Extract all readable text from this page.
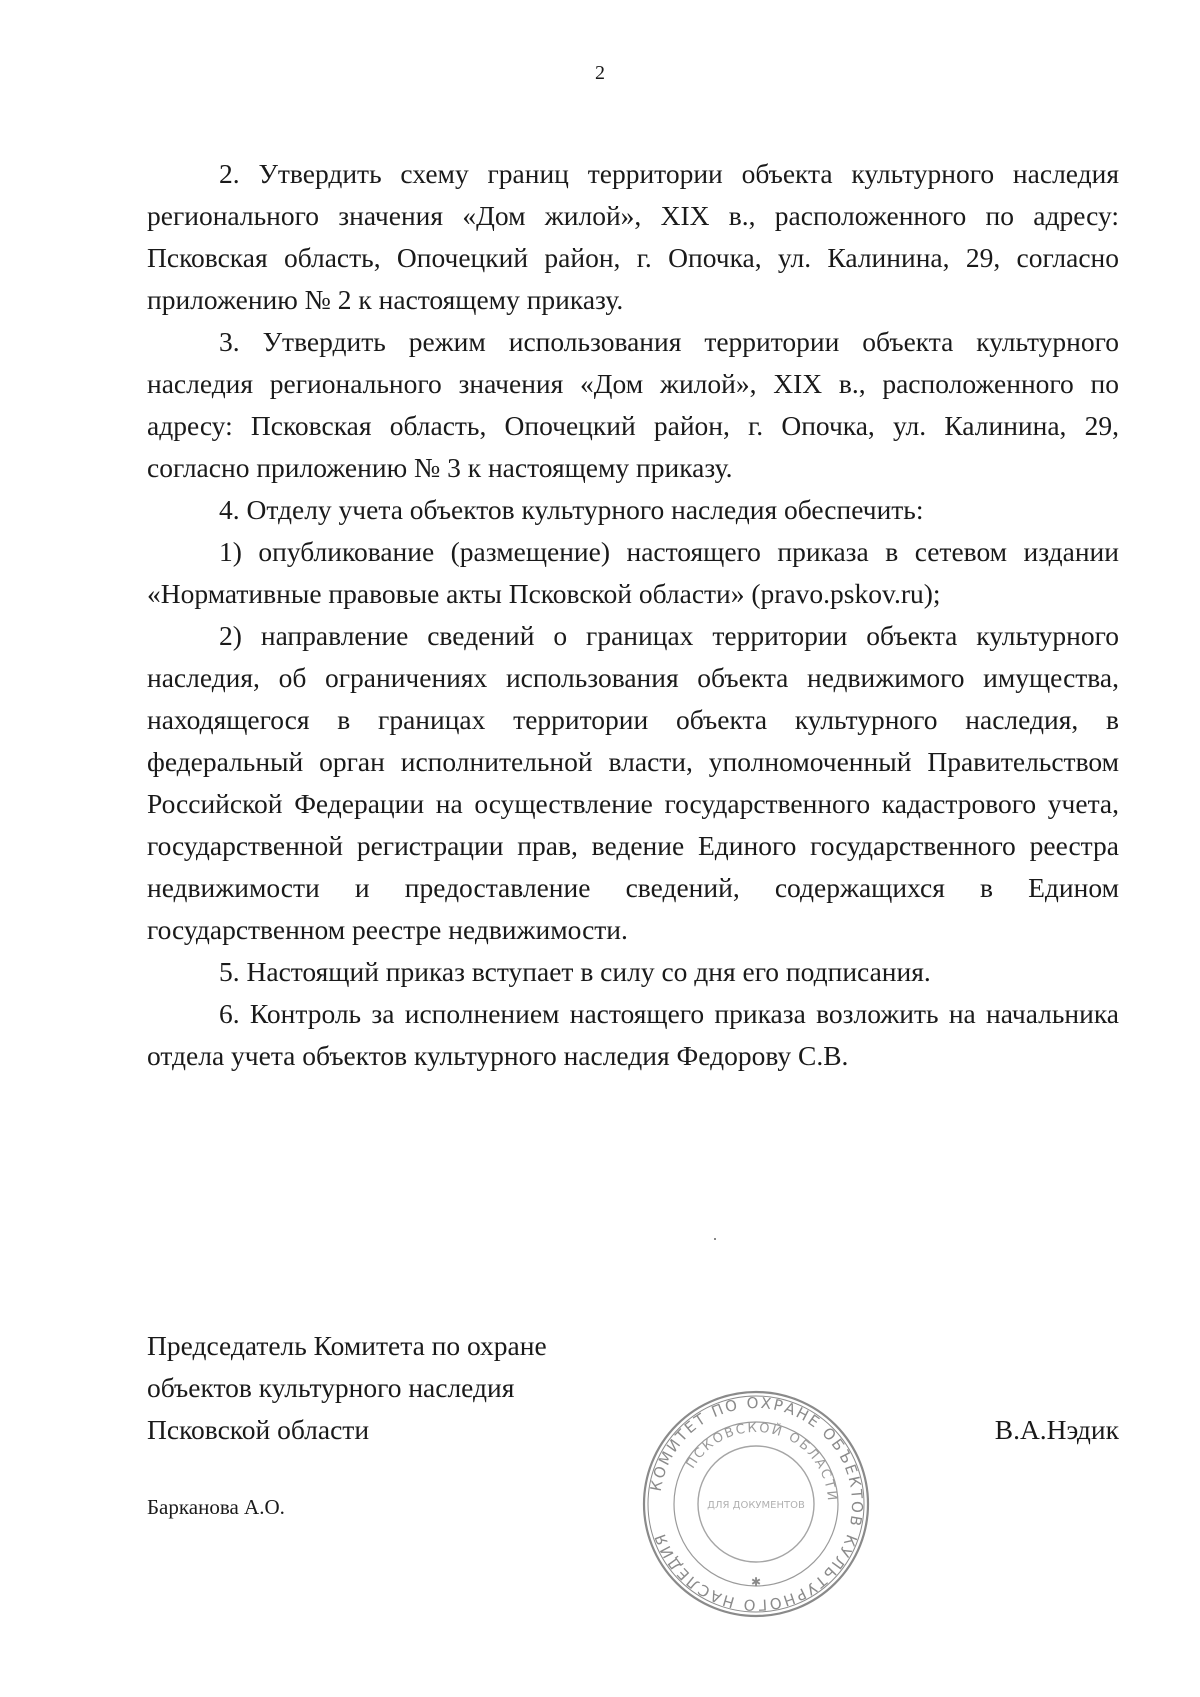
2

2. Утвердить схему границ территории объекта культурного наследия регионального значения «Дом жилой», XIX в., расположенного по адресу: Псковская область, Опочецкий район, г. Опочка, ул. Калинина, 29, согласно приложению № 2 к настоящему приказу.

3. Утвердить режим использования территории объекта культурного наследия регионального значения «Дом жилой», XIX в., расположенного по адресу: Псковская область, Опочецкий район, г. Опочка, ул. Калинина, 29, согласно приложению № 3 к настоящему приказу.

4. Отделу учета объектов культурного наследия обеспечить:

1) опубликование (размещение) настоящего приказа в сетевом издании «Нормативные правовые акты Псковской области» (pravo.pskov.ru);

2) направление сведений о границах территории объекта культурного наследия, об ограничениях использования объекта недвижимого имущества, находящегося в границах территории объекта культурного наследия, в федеральный орган исполнительной власти, уполномоченный Правительством Российской Федерации на осуществление государственного кадастрового учета, государственной регистрации прав, ведение Единого государственного реестра недвижимости и предоставление сведений, содержащихся в Едином государственном реестре недвижимости.

5. Настоящий приказ вступает в силу со дня его подписания.

6. Контроль за исполнением настоящего приказа возложить на начальника отдела учета объектов культурного наследия Федорову С.В.

Председатель Комитета по охране
объектов культурного наследия
Псковской области
КОМИТЕТ ПО ОХРАНЕ ОБЪЕКТОВ КУЛЬТУРНОГО НАСЛЕДИЯ
ПСКОВСКОЙ ОБЛАСТИ
ДЛЯ ДОКУМЕНТОВ
✱
В.А.Нэдик
Барканова А.О.
